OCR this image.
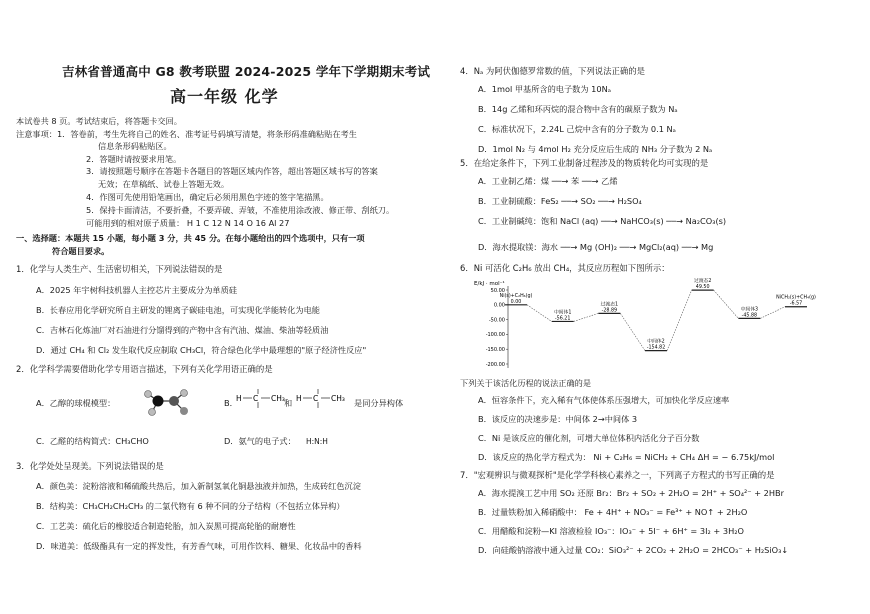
吉林省普通高中 G8 教考联盟 2024-2025 学年下学期期末考试
高一年级 化学
本试卷共 8 页。考试结束后，将答题卡交回。
注意事项：1．答卷前，考生先将自己的姓名、准考证号码填写清楚，将条形码准确粘贴在考生
信息条形码粘贴区。
2．答题时请按要求用笔。
3．请按照题号顺序在答题卡各题目的答题区域内作答，超出答题区域书写的答案
无效；在草稿纸、试卷上答题无效。
4．作图可先使用铅笔画出，确定后必须用黑色字迹的签字笔描黑。
5．保持卡面清洁，不要折叠，不要弄破、弄皱，不准使用涂改液、修正带、刮纸刀。
可能用到的相对原子质量： H 1 C 12 N 14 O 16 Al 27
一、选择题：本题共 15 小题，每小题 3 分，共 45 分。在每小题给出的四个选项中，只有一项
符合题目要求。
1．化学与人类生产、生活密切相关，下列说法错误的是
A．2025 年宇树科技机器人主控芯片主要成分为单质硅
B．长春应用化学研究所自主研发的锂离子碳硅电池，可实现化学能转化为电能
C．吉林石化炼油厂对石油进行分馏得到的产物中含有汽油、煤油、柴油等轻质油
D．通过 CH₄ 和 Cl₂ 发生取代反应制取 CH₃Cl，符合绿色化学中最理想的"原子经济性反应"
2．化学科学需要借助化学专用语言描述，下列有关化学用语正确的是
A．乙醇的球棍模型：	B．
H C CH₃ 和 H C CH₃ 是同分异构体
C．乙醛的结构简式：CH₃CHO	D．氨气的电子式： H:N:H
3．化学处处呈现美。下列说法错误的是
A．颜色美：淀粉溶液和稀硫酸共热后，加入新制氢氧化铜悬浊液并加热，生成砖红色沉淀
B．结构美：CH₃CH₂CH₂CH₃ 的二氯代物有 6 种不同的分子结构（不包括立体异构）
C．工艺美：硫化后的橡胶适合制造轮胎，加入炭黑可提高轮胎的耐磨性
D．味道美：低级酯具有一定的挥发性，有芳香气味，可用作饮料、糖果、化妆品中的香料
4．Nₐ 为阿伏伽德罗常数的值，下列说法正确的是
A．1mol 甲基所含的电子数为 10Nₐ
B．14g 乙烯和环丙烷的混合物中含有的碳原子数为 Nₐ
C．标准状况下，2.24L 己烷中含有的分子数为 0.1 Nₐ
D．1mol N₂ 与 4mol H₂ 充分反应后生成的 NH₃ 分子数为 2 Nₐ
5．在给定条件下，下列工业制备过程涉及的物质转化均可实现的是
A．工业制乙烯：煤 ──→ 苯 ──→ 乙烯
B．工业制硫酸：FeS₂ ──→ SO₂ ──→ H₂SO₄
C．工业制碱纯：饱和 NaCl (aq) ──→ NaHCO₃(s) ──→ Na₂CO₃(s)
D．海水提取镁：海水 ──→ Mg (OH)₂ ──→ MgCl₂(aq) ──→ Mg
6．Ni 可活化 C₂H₆ 放出 CH₄，其反应历程如下图所示：
E/kJ · mol⁻¹
50.00
0.00
-50.00
-100.00
-150.00
-200.00
Ni(s)+C₂H₆(g)
0.00
中间体1
-56.21
过渡态1
-28.89
中间体2
-154.82
过渡态2
49.50
中间体3
-45.88
NiCH₂(s)+CH₄(g)
-6.57
下列关于该活化历程的说法正确的是
A．恒容条件下，充入稀有气体使体系压强增大，可加快化学反应速率
B．该反应的决速步是：中间体 2→中间体 3
C．Ni 是该反应的催化剂，可增大单位体积内活化分子百分数
D．该反应的热化学方程式为： Ni + C₂H₆ = NiCH₂ + CH₄ ΔH = − 6.75kJ/mol
7．"宏观辨识与微观探析"是化学学科核心素养之一，下列离子方程式的书写正确的是
A．海水提溴工艺中用 SO₂ 还原 Br₂：Br₂ + SO₂ + 2H₂O = 2H⁺ + SO₄²⁻ + 2HBr
B．过量铁粉加入稀硝酸中： Fe + 4H⁺ + NO₃⁻ = Fe³⁺ + NO↑ + 2H₂O
C．用醋酸和淀粉—KI 溶液检验 IO₃⁻：IO₃⁻ + 5I⁻ + 6H⁺ = 3I₂ + 3H₂O
D．向硅酸钠溶液中通入过量 CO₂：SiO₃²⁻ + 2CO₂ + 2H₂O = 2HCO₃⁻ + H₂SiO₃↓
